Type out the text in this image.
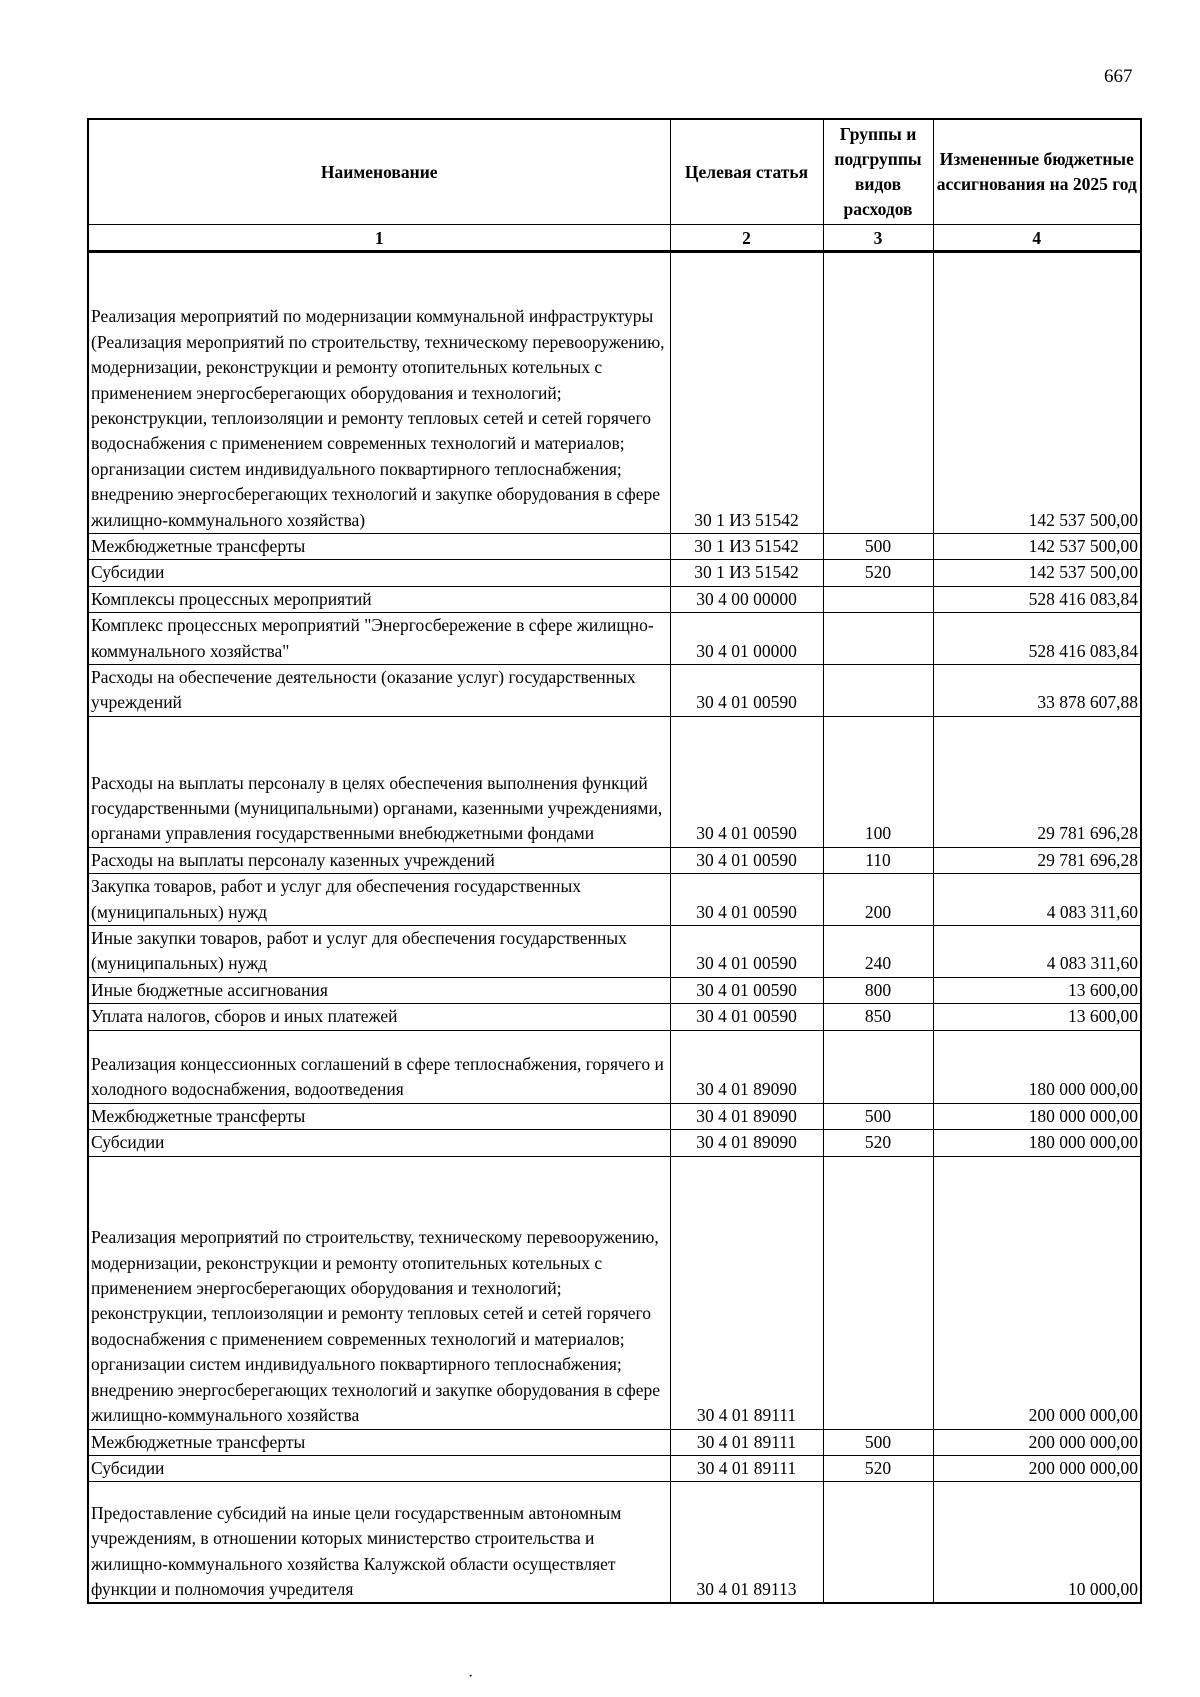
667
Наименование	Целевая статья	Группы и подгруппы видов расходов	Измененные бюджетные ассигнования на 2025 год
1	2	3	4
Реализация мероприятий по модернизации коммунальной инфраструктуры (Реализация мероприятий по строительству, техническому перевооружению, модернизации, реконструкции и ремонту отопительных котельных с применением энергосберегающих оборудования и технологий; реконструкции, теплоизоляции и ремонту тепловых сетей и сетей горячего водоснабжения с применением современных технологий и материалов; организации систем индивидуального поквартирного теплоснабжения; внедрению энергосберегающих технологий и закупке оборудования в сфере жилищно-коммунального хозяйства)	30 1 И3 51542		142 537 500,00
Межбюджетные трансферты	30 1 И3 51542	500	142 537 500,00
Субсидии	30 1 И3 51542	520	142 537 500,00
Комплексы процессных мероприятий	30 4 00 00000		528 416 083,84
Комплекс процессных мероприятий "Энергосбережение в сфере жилищно-коммунального хозяйства"	30 4 01 00000		528 416 083,84
Расходы на обеспечение деятельности (оказание услуг) государственных учреждений	30 4 01 00590		33 878 607,88
Расходы на выплаты персоналу в целях обеспечения выполнения функций государственными (муниципальными) органами, казенными учреждениями, органами управления государственными внебюджетными фондами	30 4 01 00590	100	29 781 696,28
Расходы на выплаты персоналу казенных учреждений	30 4 01 00590	110	29 781 696,28
Закупка товаров, работ и услуг для обеспечения государственных (муниципальных) нужд	30 4 01 00590	200	4 083 311,60
Иные закупки товаров, работ и услуг для обеспечения государственных (муниципальных) нужд	30 4 01 00590	240	4 083 311,60
Иные бюджетные ассигнования	30 4 01 00590	800	13 600,00
Уплата налогов, сборов и иных платежей	30 4 01 00590	850	13 600,00
Реализация концессионных соглашений в сфере теплоснабжения, горячего и холодного водоснабжения, водоотведения	30 4 01 89090		180 000 000,00
Межбюджетные трансферты	30 4 01 89090	500	180 000 000,00
Субсидии	30 4 01 89090	520	180 000 000,00
Реализация мероприятий по строительству, техническому перевооружению, модернизации, реконструкции и ремонту отопительных котельных с применением энергосберегающих оборудования и технологий; реконструкции, теплоизоляции и ремонту тепловых сетей и сетей горячего водоснабжения с применением современных технологий и материалов; организации систем индивидуального поквартирного теплоснабжения; внедрению энергосберегающих технологий и закупке оборудования в сфере жилищно-коммунального хозяйства	30 4 01 89111		200 000 000,00
Межбюджетные трансферты	30 4 01 89111	500	200 000 000,00
Субсидии	30 4 01 89111	520	200 000 000,00
Предоставление субсидий на иные цели государственным автономным учреждениям, в отношении которых министерство строительства и жилищно-коммунального хозяйства Калужской области осуществляет функции и полномочия учредителя	30 4 01 89113		10 000,00
·
